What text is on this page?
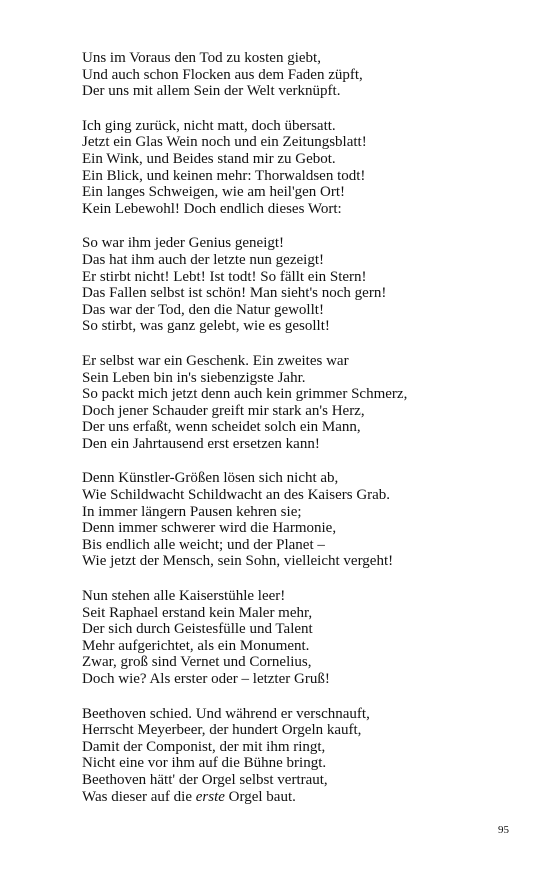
Uns im Voraus den Tod zu kosten giebt,
Und auch schon Flocken aus dem Faden züpft,
Der uns mit allem Sein der Welt verknüpft.
Ich ging zurück, nicht matt, doch übersatt.
Jetzt ein Glas Wein noch und ein Zeitungsblatt!
Ein Wink, und Beides stand mir zu Gebot.
Ein Blick, und keinen mehr: Thorwaldsen todt!
Ein langes Schweigen, wie am heil'gen Ort!
Kein Lebewohl! Doch endlich dieses Wort:
So war ihm jeder Genius geneigt!
Das hat ihm auch der letzte nun gezeigt!
Er stirbt nicht! Lebt! Ist todt! So fällt ein Stern!
Das Fallen selbst ist schön! Man sieht's noch gern!
Das war der Tod, den die Natur gewollt!
So stirbt, was ganz gelebt, wie es gesollt!
Er selbst war ein Geschenk. Ein zweites war
Sein Leben bin in's siebenzigste Jahr.
So packt mich jetzt denn auch kein grimmer Schmerz,
Doch jener Schauder greift mir stark an's Herz,
Der uns erfaßt, wenn scheidet solch ein Mann,
Den ein Jahrtausend erst ersetzen kann!
Denn Künstler-Größen lösen sich nicht ab,
Wie Schildwacht Schildwacht an des Kaisers Grab.
In immer längern Pausen kehren sie;
Denn immer schwerer wird die Harmonie,
Bis endlich alle weicht; und der Planet –
Wie jetzt der Mensch, sein Sohn, vielleicht vergeht!
Nun stehen alle Kaiserstühle leer!
Seit Raphael erstand kein Maler mehr,
Der sich durch Geistesfülle und Talent
Mehr aufgerichtet, als ein Monument.
Zwar, groß sind Vernet und Cornelius,
Doch wie? Als erster oder – letzter Gruß!
Beethoven schied. Und während er verschnauft,
Herrscht Meyerbeer, der hundert Orgeln kauft,
Damit der Componist, der mit ihm ringt,
Nicht eine vor ihm auf die Bühne bringt.
Beethoven hätt' der Orgel selbst vertraut,
Was dieser auf die erste Orgel baut.
95
